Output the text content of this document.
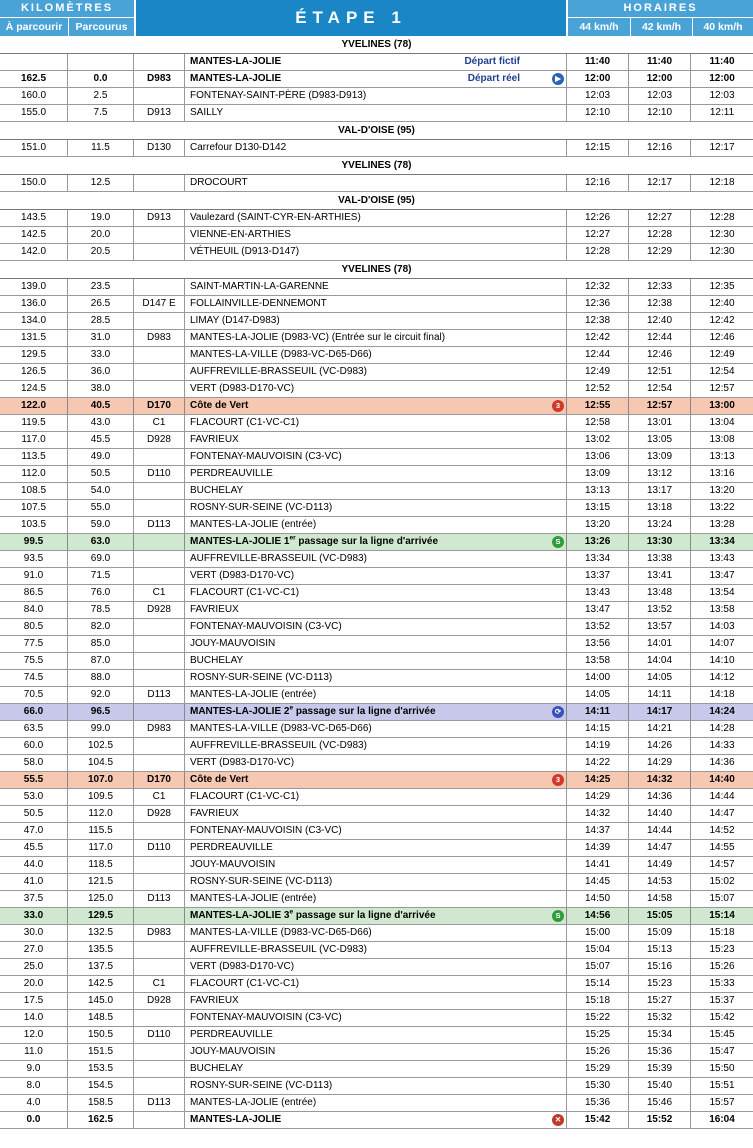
KILOMÈTRES
À parcourir	Parcourus	ÉTAPE 1	HORAIRES
44 km/h	42 km/h	40 km/h
YVELINES (78)
MANTES-LA-JOLIE	Départ fictif	11:40	11:40	11:40
162.5	0.0	D983	MANTES-LA-JOLIE	Départ réel	▶	12:00	12:00	12:00
160.0	2.5	FONTENAY-SAINT-PÈRE (D983-D913)	12:03	12:03	12:03
155.0	7.5	D913	SAILLY	12:10	12:10	12:11
VAL-D'OISE (95)
151.0	11.5	D130	Carrefour D130-D142	12:15	12:16	12:17
YVELINES (78)
150.0	12.5	DROCOURT	12:16	12:17	12:18
VAL-D'OISE (95)
143.5	19.0	D913	Vaulezard (SAINT-CYR-EN-ARTHIES)	12:26	12:27	12:28
142.5	20.0	VIENNE-EN-ARTHIES	12:27	12:28	12:30
142.0	20.5	VÉTHEUIL (D913-D147)	12:28	12:29	12:30
YVELINES (78)
139.0	23.5	SAINT-MARTIN-LA-GARENNE	12:32	12:33	12:35
136.0	26.5	D147 E	FOLLAINVILLE-DENNEMONT	12:36	12:38	12:40
134.0	28.5	LIMAY (D147-D983)	12:38	12:40	12:42
131.5	31.0	D983	MANTES-LA-JOLIE (D983-VC) (Entrée sur le circuit final)	12:42	12:44	12:46
129.5	33.0	MANTES-LA-VILLE (D983-VC-D65-D66)	12:44	12:46	12:49
126.5	36.0	AUFFREVILLE-BRASSEUIL (VC-D983)	12:49	12:51	12:54
124.5	38.0	VERT (D983-D170-VC)	12:52	12:54	12:57
122.0	40.5	D170	Côte de Vert	3	12:55	12:57	13:00
119.5	43.0	C1	FLACOURT (C1-VC-C1)	12:58	13:01	13:04
117.0	45.5	D928	FAVRIEUX	13:02	13:05	13:08
113.5	49.0	FONTENAY-MAUVOISIN (C3-VC)	13:06	13:09	13:13
112.0	50.5	D110	PERDREAUVILLE	13:09	13:12	13:16
108.5	54.0	BUCHELAY	13:13	13:17	13:20
107.5	55.0	ROSNY-SUR-SEINE (VC-D113)	13:15	13:18	13:22
103.5	59.0	D113	MANTES-LA-JOLIE (entrée)	13:20	13:24	13:28
99.5	63.0	MANTES-LA-JOLIE 1er passage sur la ligne d'arrivée	S	13:26	13:30	13:34
93.5	69.0	AUFFREVILLE-BRASSEUIL (VC-D983)	13:34	13:38	13:43
91.0	71.5	VERT (D983-D170-VC)	13:37	13:41	13:47
86.5	76.0	C1	FLACOURT (C1-VC-C1)	13:43	13:48	13:54
84.0	78.5	D928	FAVRIEUX	13:47	13:52	13:58
80.5	82.0	FONTENAY-MAUVOISIN (C3-VC)	13:52	13:57	14:03
77.5	85.0	JOUY-MAUVOISIN	13:56	14:01	14:07
75.5	87.0	BUCHELAY	13:58	14:04	14:10
74.5	88.0	ROSNY-SUR-SEINE (VC-D113)	14:00	14:05	14:12
70.5	92.0	D113	MANTES-LA-JOLIE (entrée)	14:05	14:11	14:18
66.0	96.5	MANTES-LA-JOLIE 2e passage sur la ligne d'arrivée	⟳	14:11	14:17	14:24
63.5	99.0	D983	MANTES-LA-VILLE (D983-VC-D65-D66)	14:15	14:21	14:28
60.0	102.5	AUFFREVILLE-BRASSEUIL (VC-D983)	14:19	14:26	14:33
58.0	104.5	VERT (D983-D170-VC)	14:22	14:29	14:36
55.5	107.0	D170	Côte de Vert	3	14:25	14:32	14:40
53.0	109.5	C1	FLACOURT (C1-VC-C1)	14:29	14:36	14:44
50.5	112.0	D928	FAVRIEUX	14:32	14:40	14:47
47.0	115.5	FONTENAY-MAUVOISIN (C3-VC)	14:37	14:44	14:52
45.5	117.0	D110	PERDREAUVILLE	14:39	14:47	14:55
44.0	118.5	JOUY-MAUVOISIN	14:41	14:49	14:57
41.0	121.5	ROSNY-SUR-SEINE (VC-D113)	14:45	14:53	15:02
37.5	125.0	D113	MANTES-LA-JOLIE (entrée)	14:50	14:58	15:07
33.0	129.5	MANTES-LA-JOLIE 3e passage sur la ligne d'arrivée	S	14:56	15:05	15:14
30.0	132.5	D983	MANTES-LA-VILLE (D983-VC-D65-D66)	15:00	15:09	15:18
27.0	135.5	AUFFREVILLE-BRASSEUIL (VC-D983)	15:04	15:13	15:23
25.0	137.5	VERT (D983-D170-VC)	15:07	15:16	15:26
20.0	142.5	C1	FLACOURT (C1-VC-C1)	15:14	15:23	15:33
17.5	145.0	D928	FAVRIEUX	15:18	15:27	15:37
14.0	148.5	FONTENAY-MAUVOISIN (C3-VC)	15:22	15:32	15:42
12.0	150.5	D110	PERDREAUVILLE	15:25	15:34	15:45
11.0	151.5	JOUY-MAUVOISIN	15:26	15:36	15:47
9.0	153.5	BUCHELAY	15:29	15:39	15:50
8.0	154.5	ROSNY-SUR-SEINE (VC-D113)	15:30	15:40	15:51
4.0	158.5	D113	MANTES-LA-JOLIE (entrée)	15:36	15:46	15:57
0.0	162.5	MANTES-LA-JOLIE	✕	15:42	15:52	16:04
